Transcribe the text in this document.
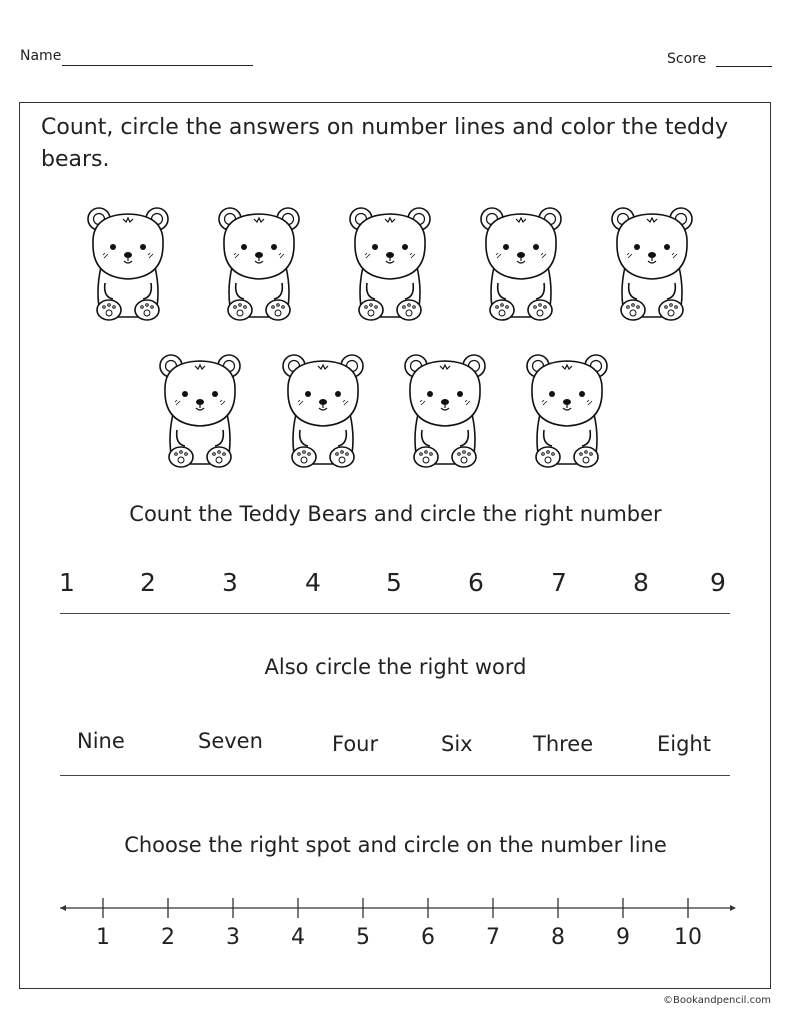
Name	Score
Count, circle the answers on number lines and color the teddy bears.
Count the Teddy Bears and circle the right number
1	2	3	4	5	6	7	8 9
Also circle the right word
Nine	Seven	Four	Six	Three	Eight
Choose the right spot and circle on the number line
1 2 3 4 5 6 7 8 9 10
©Bookandpencil.com
